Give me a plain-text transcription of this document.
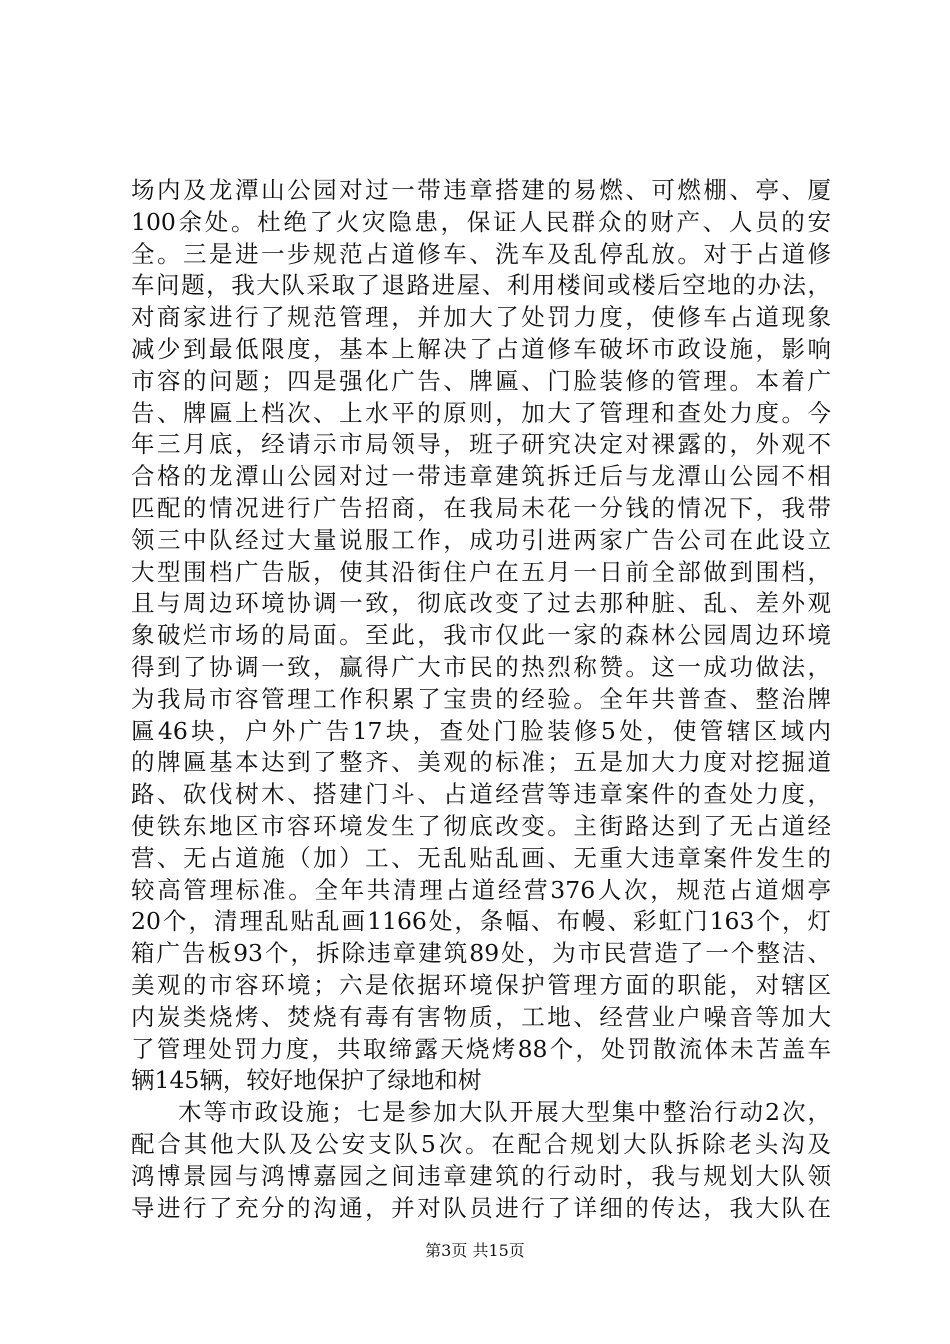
场内及龙潭山公园对过一带违章搭建的易燃、可燃棚、亭、厦
100余处。杜绝了火灾隐患，保证人民群众的财产、人员的安
全。三是进一步规范占道修车、洗车及乱停乱放。对于占道修
车问题，我大队采取了退路进屋、利用楼间或楼后空地的办法，
对商家进行了规范管理，并加大了处罚力度，使修车占道现象
减少到最低限度，基本上解决了占道修车破坏市政设施，影响
市容的问题；四是强化广告、牌匾、门脸装修的管理。本着广
告、牌匾上档次、上水平的原则，加大了管理和查处力度。今
年三月底，经请示市局领导，班子研究决定对裸露的，外观不
合格的龙潭山公园对过一带违章建筑拆迁后与龙潭山公园不相
匹配的情况进行广告招商，在我局未花一分钱的情况下，我带
领三中队经过大量说服工作，成功引进两家广告公司在此设立
大型围档广告版，使其沿街住户在五月一日前全部做到围档，
且与周边环境协调一致，彻底改变了过去那种脏、乱、差外观
象破烂市场的局面。至此，我市仅此一家的森林公园周边环境
得到了协调一致，赢得广大市民的热烈称赞。这一成功做法，
为我局市容管理工作积累了宝贵的经验。全年共普查、整治牌
匾46块，户外广告17块，查处门脸装修5处，使管辖区域内
的牌匾基本达到了整齐、美观的标准；五是加大力度对挖掘道
路、砍伐树木、搭建门斗、占道经营等违章案件的查处力度，
使铁东地区市容环境发生了彻底改变。主街路达到了无占道经
营、无占道施（加）工、无乱贴乱画、无重大违章案件发生的
较高管理标准。全年共清理占道经营376人次，规范占道烟亭
20个，清理乱贴乱画1166处，条幅、布幔、彩虹门163个，灯
箱广告板93个，拆除违章建筑89处，为市民营造了一个整洁、
美观的市容环境；六是依据环境保护管理方面的职能，对辖区
内炭类烧烤、焚烧有毒有害物质，工地、经营业户噪音等加大
了管理处罚力度，共取缔露天烧烤88个，处罚散流体未苫盖车
辆145辆，较好地保护了绿地和树
木等市政设施；七是参加大队开展大型集中整治行动2次，
配合其他大队及公安支队5次。在配合规划大队拆除老头沟及
鸿博景园与鸿博嘉园之间违章建筑的行动时，我与规划大队领
导进行了充分的沟通，并对队员进行了详细的传达，我大队在
第3页 共15页
